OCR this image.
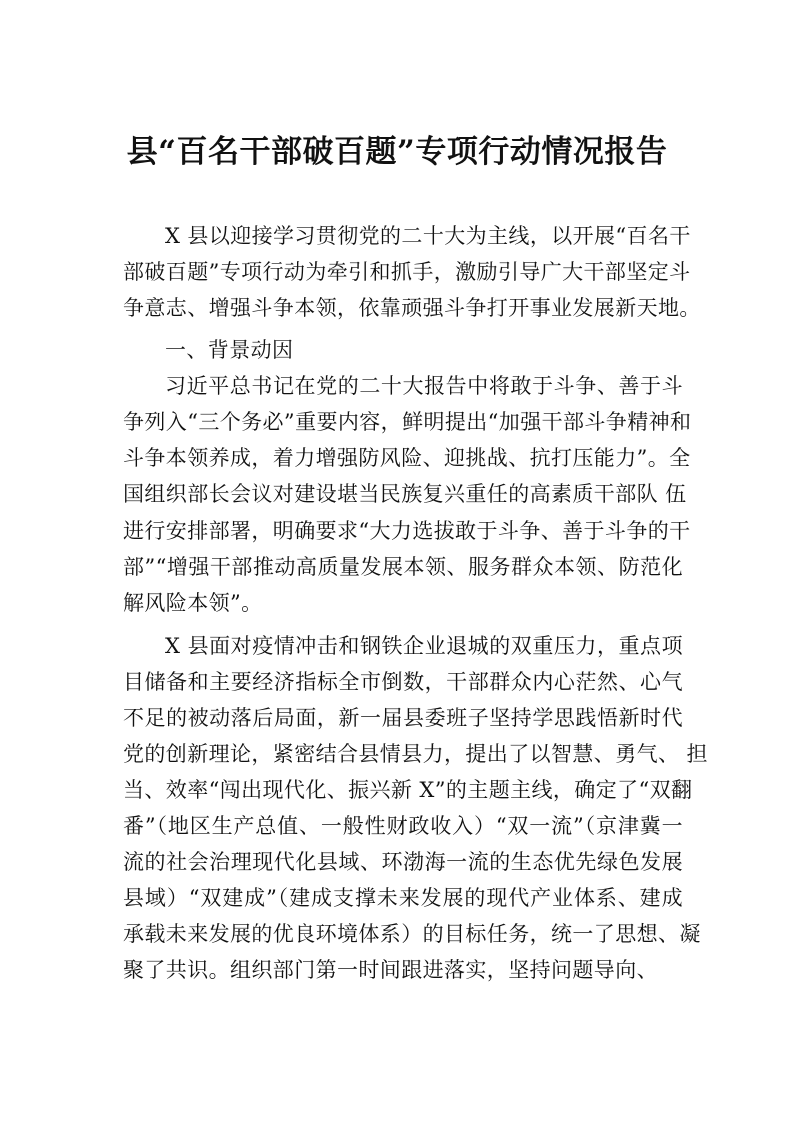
县“百名干部破百题”专项行动情况报告
X 县以迎接学习贯彻党的二十大为主线，以开展“百名干
部破百题”专项行动为牵引和抓手，激励引导广大干部坚定斗
争意志、增强斗争本领，依靠顽强斗争打开事业发展新天地。
一、背景动因
习近平总书记在党的二十大报告中将敢于斗争、善于斗
争列入“三个务必”重要内容，鲜明提出“加强干部斗争精神和
斗争本领养成，着力增强防风险、迎挑战、抗打压能力”。全
国组织部长会议对建设堪当民族复兴重任的高素质干部队 伍
进行安排部署，明确要求“大力选拔敢于斗争、善于斗争的干
部”“增强干部推动高质量发展本领、服务群众本领、防范化
解风险本领”。
X 县面对疫情冲击和钢铁企业退城的双重压力，重点项
目储备和主要经济指标全市倒数，干部群众内心茫然、心气
不足的被动落后局面，新一届县委班子坚持学思践悟新时代
党的创新理论，紧密结合县情县力，提出了以智慧、勇气、 担
当、效率“闯出现代化、振兴新 X”的主题主线，确定了“双翻
番”（地区生产总值、一般性财政收入）“双一流”（京津冀一
流的社会治理现代化县域、环渤海一流的生态优先绿色发展
县域）“双建成”（建成支撑未来发展的现代产业体系、建成
承载未来发展的优良环境体系）的目标任务，统一了思想、凝
聚了共识。组织部门第一时间跟进落实，坚持问题导向、
